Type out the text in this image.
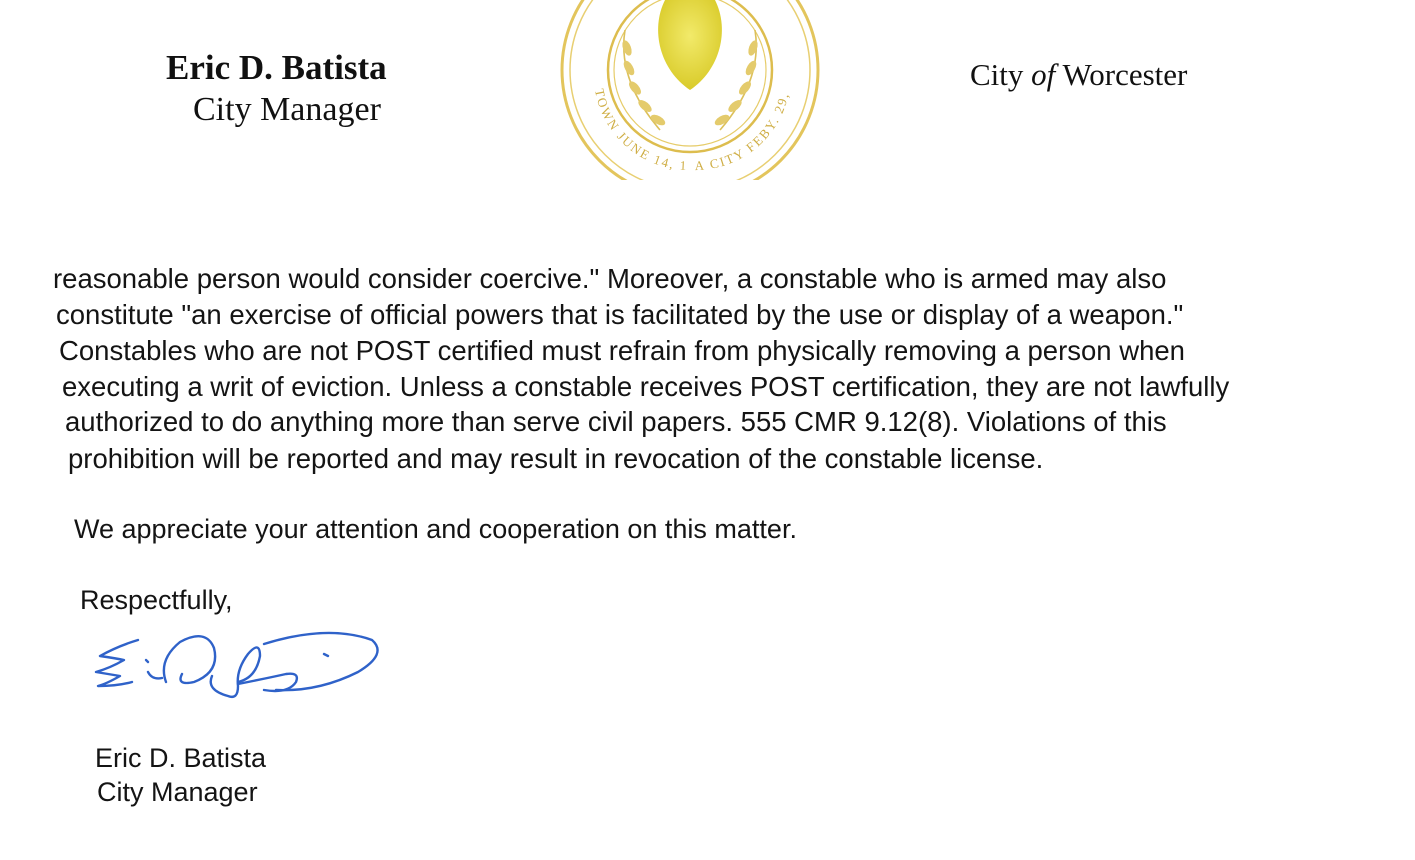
Eric D. Batista
City Manager	TOWN JUNE 14, 1 A CITY FEBY. 29,
City of Worcester
reasonable person would consider coercive." Moreover, a constable who is armed may also
constitute "an exercise of official powers that is facilitated by the use or display of a weapon."
Constables who are not POST certified must refrain from physically removing a person when
executing a writ of eviction. Unless a constable receives POST certification, they are not lawfully
authorized to do anything more than serve civil papers. 555 CMR 9.12(8). Violations of this
prohibition will be reported and may result in revocation of the constable license.
We appreciate your attention and cooperation on this matter.
Respectfully,
Eric D. Batista
City Manager
